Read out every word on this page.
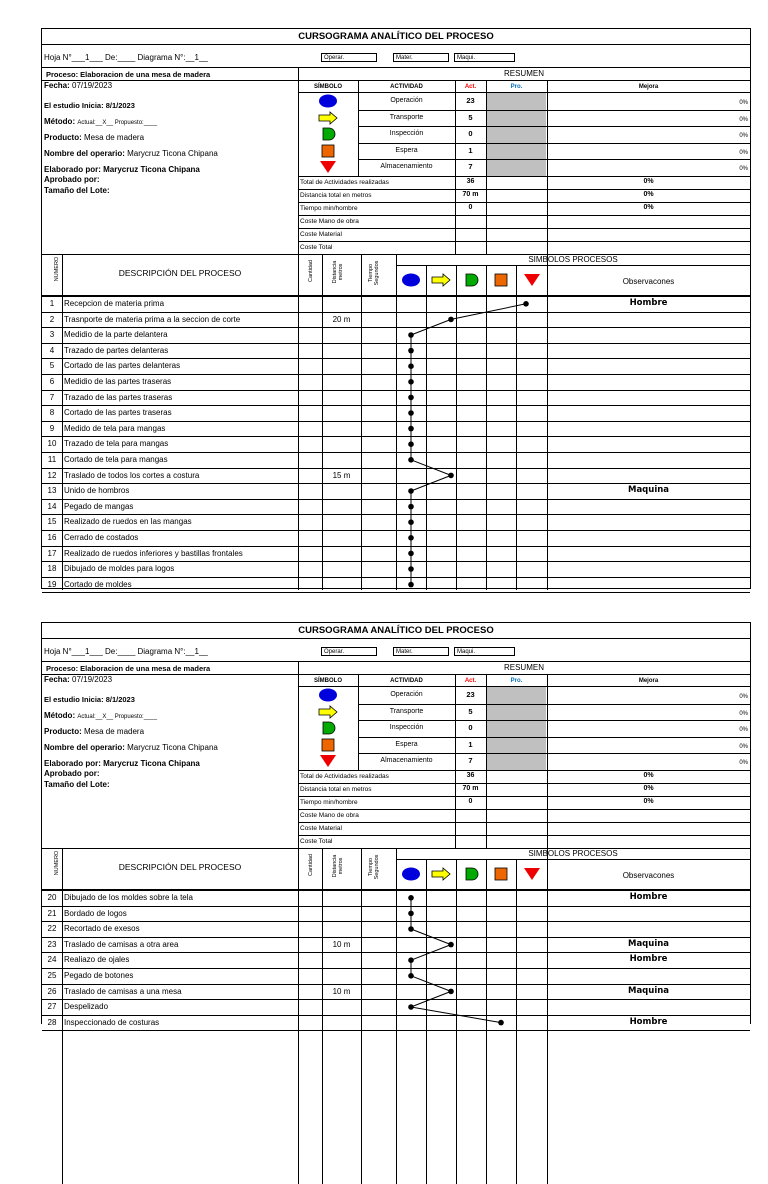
CURSOGRAMA ANALÍTICO DEL PROCESO
Hoja N°___1___ De:____ Diagrama N°:__1__	Operar.	Mater.	Maqui.
Proceso: Elaboracion de una mesa de madera	RESUMEN
Fecha: 07/19/2023	SÍMBOLO	ACTIVIDAD	Act.	Pro.	Mejora
El estudio Inicia: 8/1/2023
Método: Actual:__X__ Propuesto:____
Producto: Mesa de madera
Nombre del operario: Marycruz Ticona Chipana
Elaborado por: Marycruz Ticona Chipana
Aprobado por:
Tamaño del Lote:
Operación	23	0%
Transporte	5	0%
Inspección	0	0%
Espera	1	0%
Almacenamiento	7	0%
Total de Actividades realizadas	36	0%
Distancia total en metros	70 m	0%
Tiempo min/hombre	0	0%
Coste Mano de obra
Coste Material
Coste Total
NUMERO	DESCRIPCIÓN DEL PROCESO	Cantidad	Distancia metros	Tiempo Segundos
SIMBOLOS PROCESOS
Observacones
1	Recepcion de materia prima	Hombre
2	Trasnporte de materia prima a la seccion de corte	20 m
3	Medidio de la parte delantera
4	Trazado de partes delanteras
5	Cortado de las partes delanteras
6	Medidio de las partes traseras
7	Trazado de las partes traseras
8	Cortado de las partes traseras
9	Medido de tela para mangas
10 Trazado de tela para mangas
11 Cortado de tela para mangas
12 Traslado de todos los cortes a costura	15 m
13 Unido de hombros	Maquina
14 Pegado de mangas
15 Realizado de ruedos en las mangas
16 Cerrado de costados
17 Realizado de ruedos inferiores y bastillas frontales
18 Dibujado de moldes para logos
19 Cortado de moldes
CURSOGRAMA ANALÍTICO DEL PROCESO
Hoja N°___1___ De:____ Diagrama N°:__1__	Operar.	Mater.	Maqui.
Proceso: Elaboracion de una mesa de madera	RESUMEN
Fecha: 07/19/2023	SÍMBOLO	ACTIVIDAD	Act.	Pro.	Mejora
El estudio Inicia: 8/1/2023
Método: Actual:__X__ Propuesto:____
Producto: Mesa de madera
Nombre del operario: Marycruz Ticona Chipana
Elaborado por: Marycruz Ticona Chipana
Aprobado por:
Tamaño del Lote:
Operación	23	0%
Transporte	5	0%
Inspección	0	0%
Espera	1	0%
Almacenamiento	7	0%
Total de Actividades realizadas	36	0%
Distancia total en metros	70 m	0%
Tiempo min/hombre	0	0%
Coste Mano de obra
Coste Material
Coste Total
NUMERO	DESCRIPCIÓN DEL PROCESO	Cantidad	Distancia metros	Tiempo Segundos
SIMBOLOS PROCESOS
Observacones
20 Dibujado de los moldes sobre la tela	Hombre
21 Bordado de logos
22 Recortado de exesos
23 Traslado de camisas a otra area	10 m	Maquina
24 Realiazo de ojales	Hombre
25 Pegado de botones
26 Traslado de camisas a una mesa	10 m	Maquina
27 Despelizado
28 Inspeccionado de costuras	Hombre
